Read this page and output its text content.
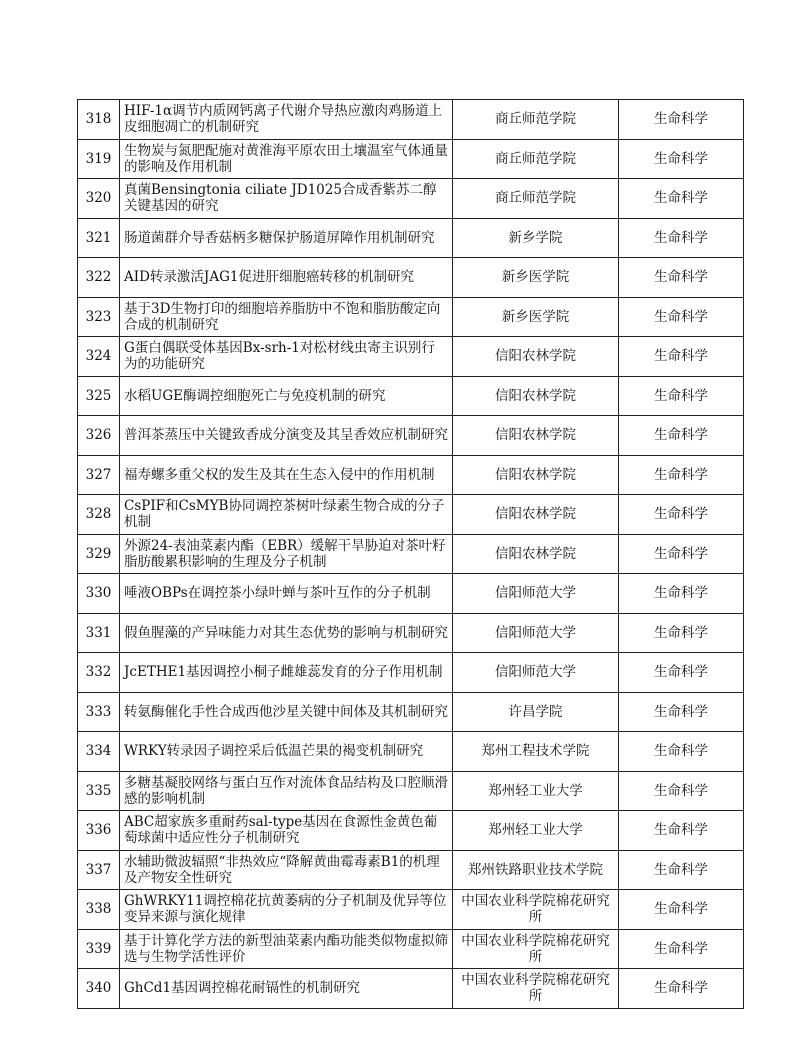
318	HIF-1α调节内质网钙离子代谢介导热应激肉鸡肠道上皮细胞凋亡的机制研究	商丘师范学院	生命科学
319	生物炭与氮肥配施对黄淮海平原农田土壤温室气体通量的影响及作用机制	商丘师范学院	生命科学
320	真菌Bensingtonia ciliate JD1025合成香紫苏二醇关键基因的研究	商丘师范学院	生命科学
321	肠道菌群介导香菇柄多糖保护肠道屏障作用机制研究	新乡学院	生命科学
322	AID转录激活JAG1促进肝细胞癌转移的机制研究	新乡医学院	生命科学
323	基于3D生物打印的细胞培养脂肪中不饱和脂肪酸定向合成的机制研究	新乡医学院	生命科学
324	G蛋白偶联受体基因Bx-srh-1对松材线虫寄主识别行为的功能研究	信阳农林学院	生命科学
325	水稻UGE酶调控细胞死亡与免疫机制的研究	信阳农林学院	生命科学
326	普洱茶蒸压中关键致香成分演变及其呈香效应机制研究	信阳农林学院	生命科学
327	福寿螺多重父权的发生及其在生态入侵中的作用机制	信阳农林学院	生命科学
328	CsPIF和CsMYB协同调控茶树叶绿素生物合成的分子机制	信阳农林学院	生命科学
329	外源24-表油菜素内酯（EBR）缓解干旱胁迫对茶叶籽脂肪酸累积影响的生理及分子机制	信阳农林学院	生命科学
330	唾液OBPs在调控茶小绿叶蝉与茶叶互作的分子机制	信阳师范大学	生命科学
331	假鱼腥藻的产异味能力对其生态优势的影响与机制研究	信阳师范大学	生命科学
332	JcETHE1基因调控小桐子雌雄蕊发育的分子作用机制	信阳师范大学	生命科学
333	转氨酶催化手性合成西他沙星关键中间体及其机制研究	许昌学院	生命科学
334	WRKY转录因子调控采后低温芒果的褐变机制研究	郑州工程技术学院	生命科学
335	多糖基凝胶网络与蛋白互作对流体食品结构及口腔顺滑感的影响机制	郑州轻工业大学	生命科学
336	ABC超家族多重耐药sal-type基因在食源性金黄色葡萄球菌中适应性分子机制研究	郑州轻工业大学	生命科学
337	水辅助微波辐照“非热效应“降解黄曲霉毒素B1的机理及产物安全性研究	郑州铁路职业技术学院	生命科学
338	GhWRKY11调控棉花抗黄萎病的分子机制及优异等位变异来源与演化规律	中国农业科学院棉花研究所	生命科学
339	基于计算化学方法的新型油菜素内酯功能类似物虚拟筛选与生物学活性评价	中国农业科学院棉花研究所	生命科学
340	GhCd1基因调控棉花耐镉性的机制研究	中国农业科学院棉花研究所	生命科学
